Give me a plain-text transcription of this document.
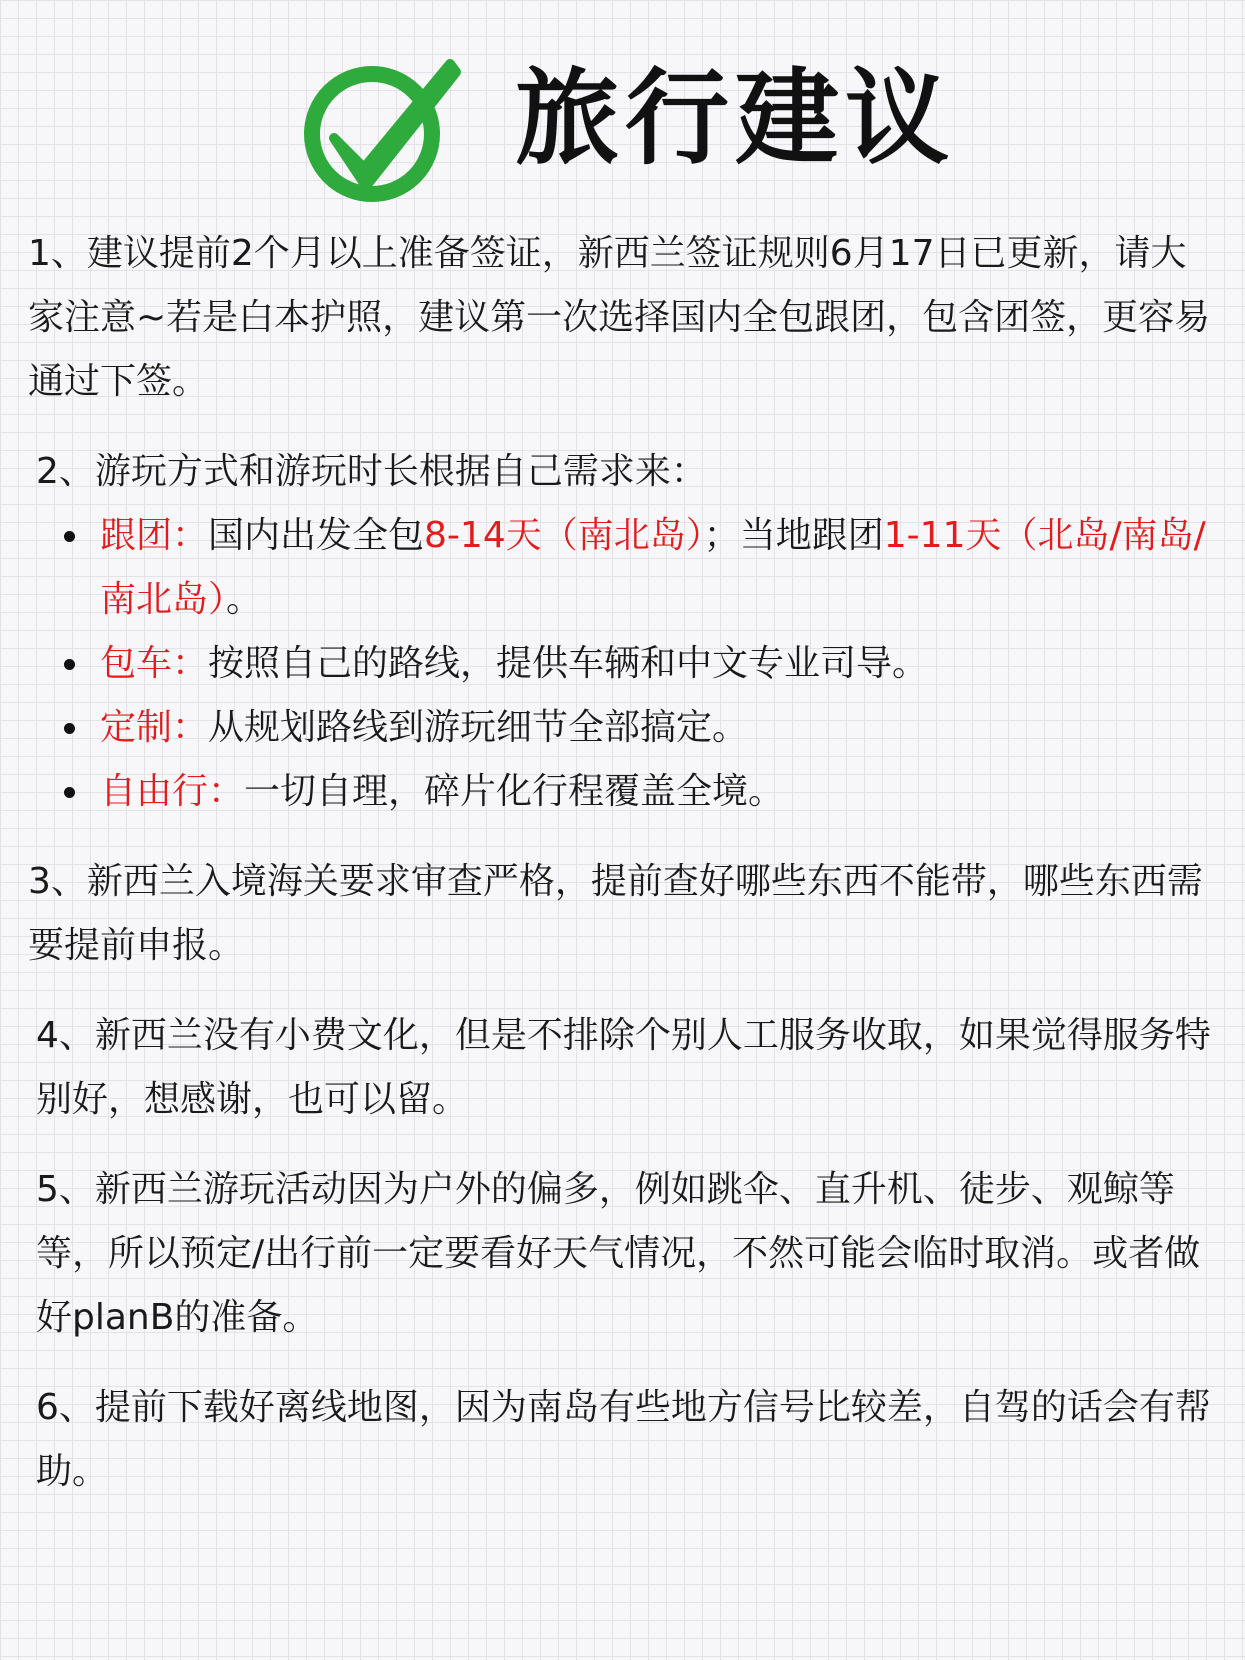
旅行建议

1、建议提前2个月以上准备签证，新西兰签证规则6月17日已更新，请大家注意~若是白本护照，建议第一次选择国内全包跟团，包含团签，更容易通过下签。

2、游玩方式和游玩时长根据自己需求来：

跟团：国内出发全包8-14天（南北岛）；当地跟团1-11天（北岛/南岛/南北岛）。
包车：按照自己的路线，提供车辆和中文专业司导。
定制：从规划路线到游玩细节全部搞定。
自由行：一切自理，碎片化行程覆盖全境。

3、新西兰入境海关要求审查严格，提前查好哪些东西不能带，哪些东西需要提前申报。

4、新西兰没有小费文化，但是不排除个别人工服务收取，如果觉得服务特别好，想感谢，也可以留。

5、新西兰游玩活动因为户外的偏多，例如跳伞、直升机、徒步、观鲸等等，所以预定/出行前一定要看好天气情况，不然可能会临时取消。或者做好planB的准备。

6、提前下载好离线地图，因为南岛有些地方信号比较差，自驾的话会有帮助。
